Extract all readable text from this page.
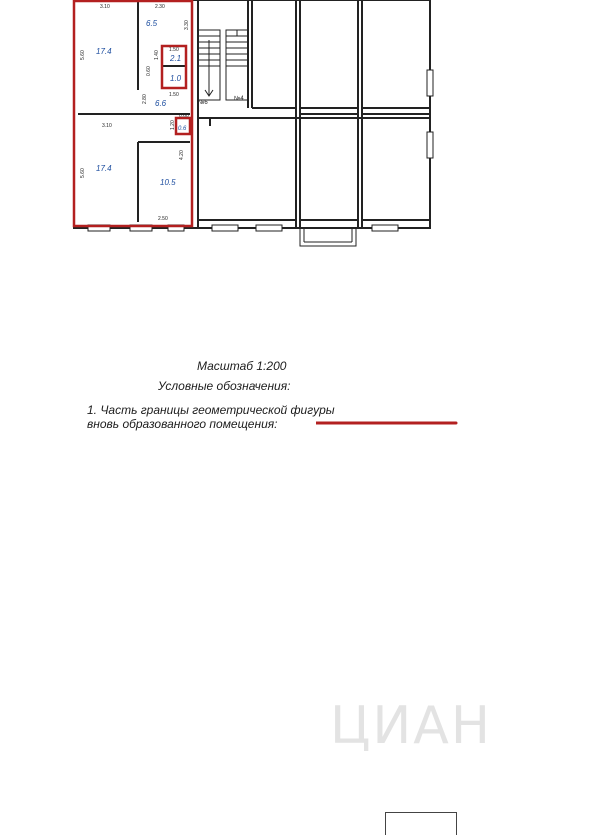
№6
№4
17.4
6.5
2.1
1.0
6.6
0.6
17.4
10.5
3.10	2.30
5.60
1.50
1.40
0.60
1.50
2.80
3.30
3.10
0.60
1.20
5.60
4.20
2.50
ЦИАН
Масштаб 1:200
Условные обозначения:
1. Часть границы геометрической фигуры
вновь образованного помещения:
